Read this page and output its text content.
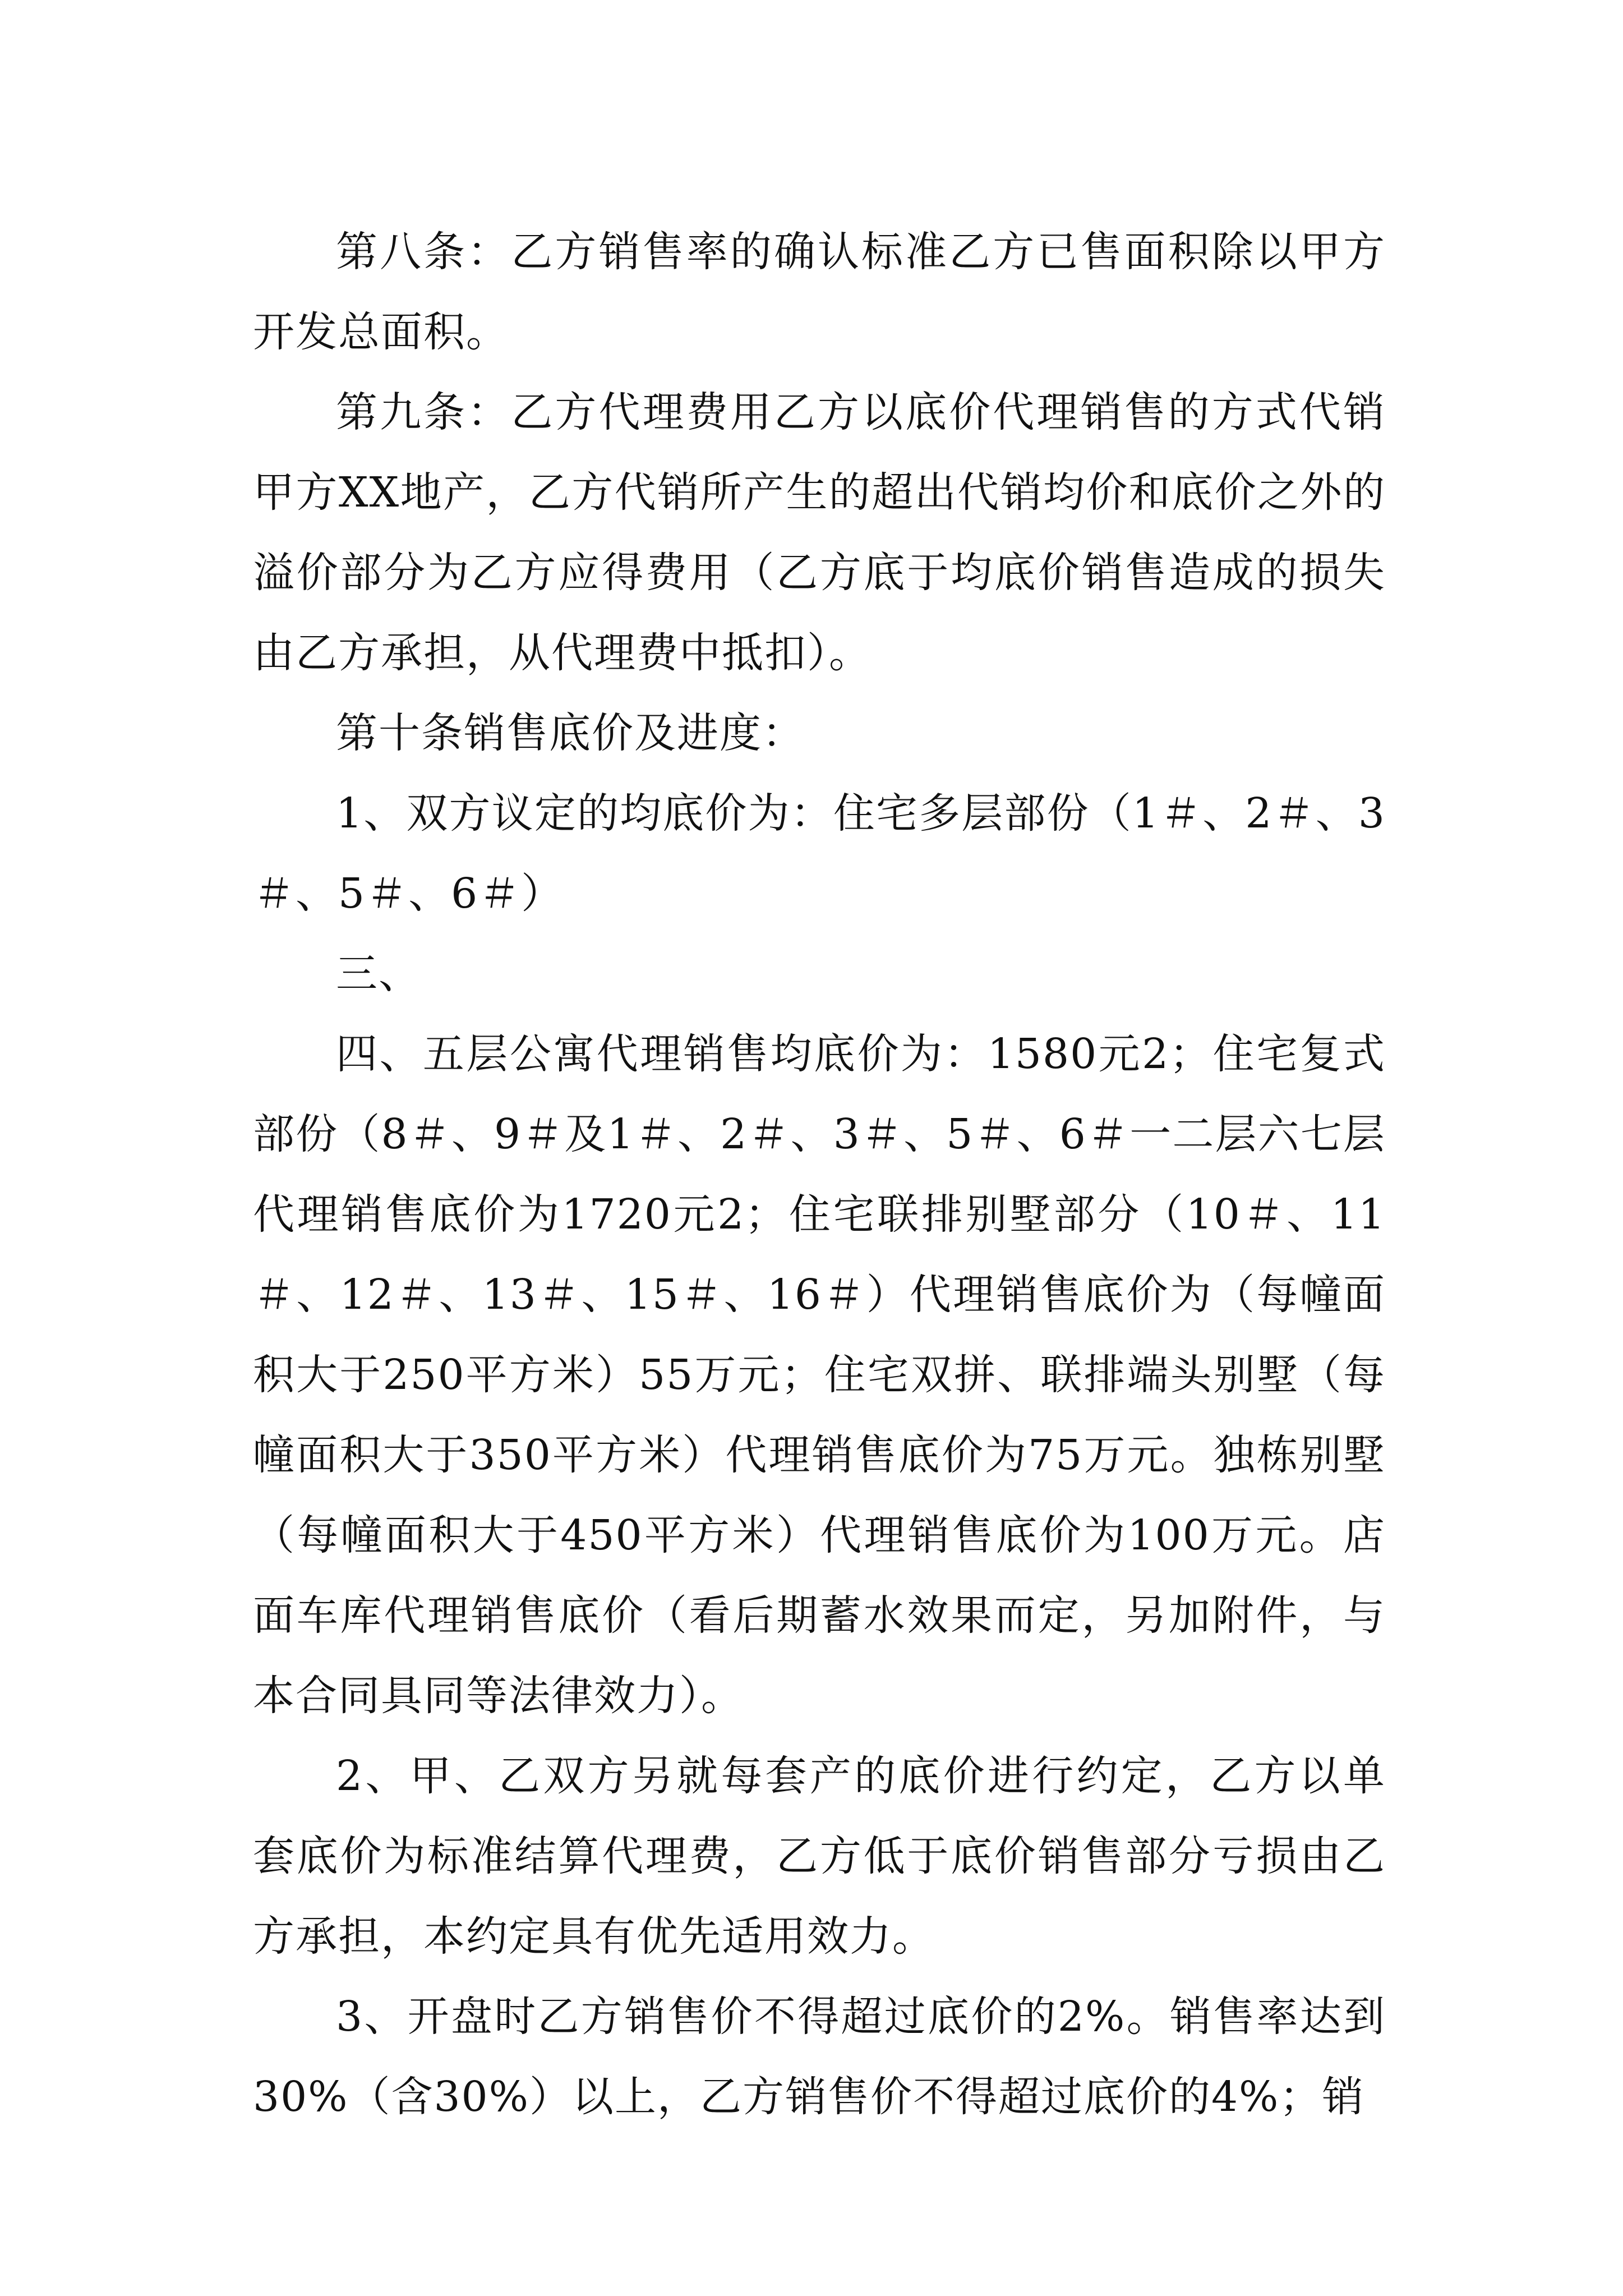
第八条：乙方销售率的确认标准乙方已售面积除以甲方开发总面积。

第九条：乙方代理费用乙方以底价代理销售的方式代销甲方XX地产，乙方代销所产生的超出代销均价和底价之外的溢价部分为乙方应得费用（乙方底于均底价销售造成的损失由乙方承担，从代理费中抵扣）。

第十条销售底价及进度：

1、双方议定的均底价为：住宅多层部份（1＃、2＃、3＃、5＃、6＃）

三、

四、五层公寓代理销售均底价为：1580元2；住宅复式部份（8＃、9＃及1＃、2＃、3＃、5＃、6＃一二层六七层代理销售底价为1720元2；住宅联排别墅部分（10＃、11＃、12＃、13＃、15＃、16＃）代理销售底价为（每幢面积大于250平方米）55万元；住宅双拼、联排端头别墅（每幢面积大于350平方米）代理销售底价为75万元。独栋别墅（每幢面积大于450平方米）代理销售底价为100万元。店面车库代理销售底价（看后期蓄水效果而定，另加附件，与本合同具同等法律效力）。

2、甲、乙双方另就每套产的底价进行约定，乙方以单套底价为标准结算代理费，乙方低于底价销售部分亏损由乙方承担，本约定具有优先适用效力。

3、开盘时乙方销售价不得超过底价的2%。销售率达到30%（含30%）以上，乙方销售价不得超过底价的4%；销
